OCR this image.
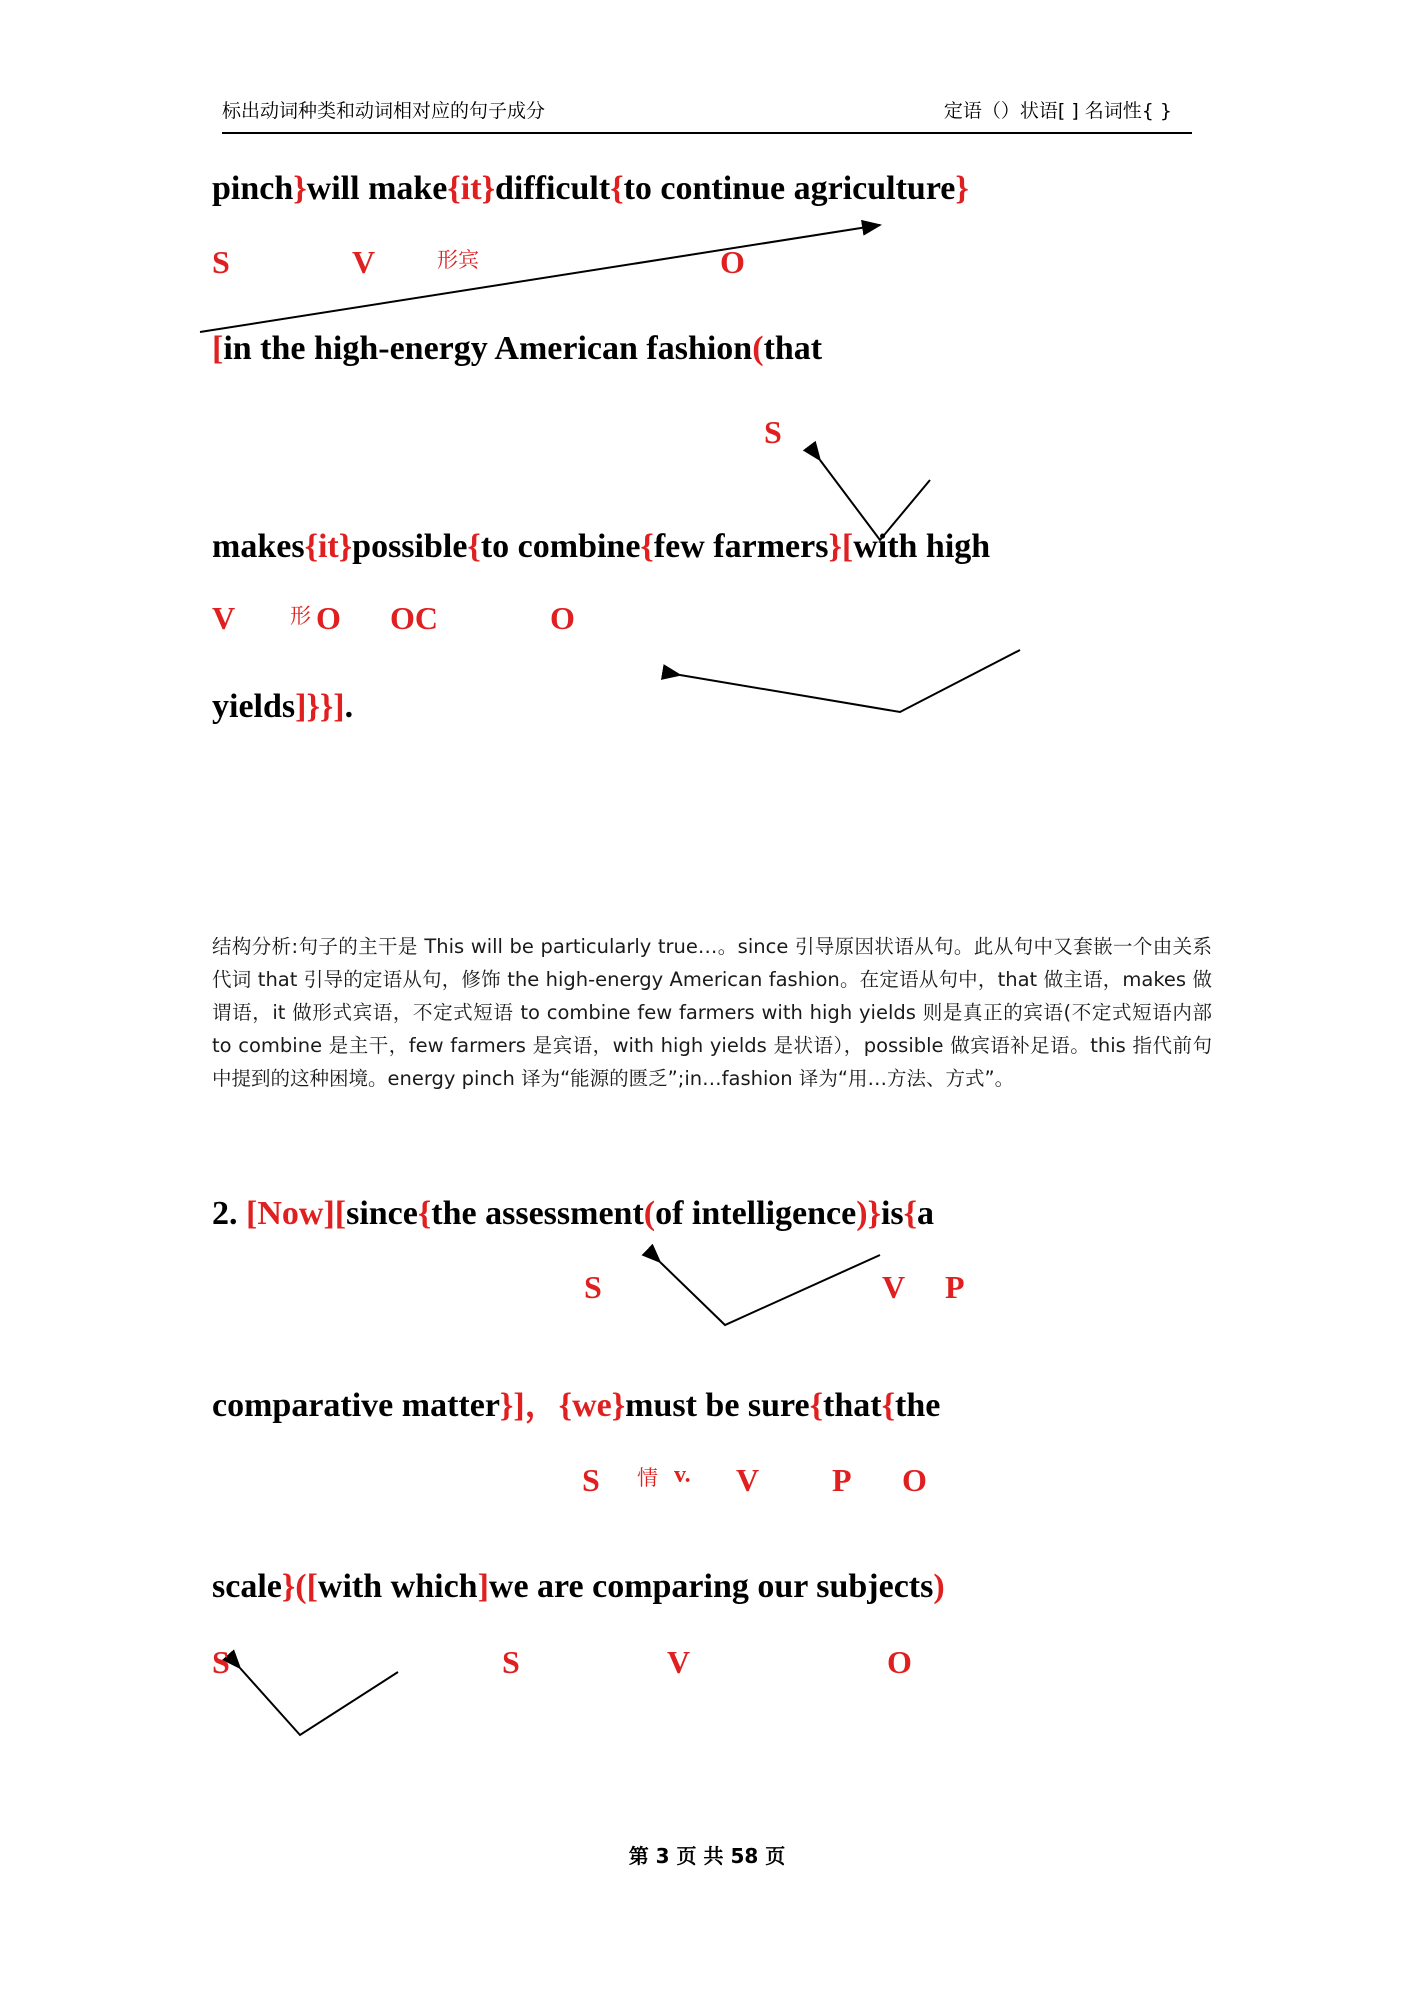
标出动词种类和动词相对应的句子成分	定语（）状语[ ] 名词性{ }
pinch}will make{it}difficult{to continue agriculture}
S	V	形宾	O
[in the high-energy American fashion(that
S
makes{it}possible{to combine{few farmers}[with high
V	形 O OC	O
yields]}}].
结构分析:句子的主干是 This will be particularly true…。since 引导原因状语从句。此从句中又套嵌一个由关系代词 that 引导的定语从句，修饰 the high-energy American fashion。在定语从句中，that 做主语，makes 做谓语，it 做形式宾语，不定式短语 to combine few farmers with high yields 则是真正的宾语(不定式短语内部 to combine 是主干，few farmers 是宾语，with high yields 是状语），possible 做宾语补足语。this 指代前句中提到的这种困境。energy pinch 译为“能源的匮乏”;in…fashion 译为“用…方法、方式”。
2. [Now][since{the assessment(of intelligence)}is{a
S	V P
comparative matter}]，{we}must be sure{that{the
S 情 v. V P O
scale}([with which]we are comparing our subjects)
S	S	V	O
第 3 页 共 58 页
